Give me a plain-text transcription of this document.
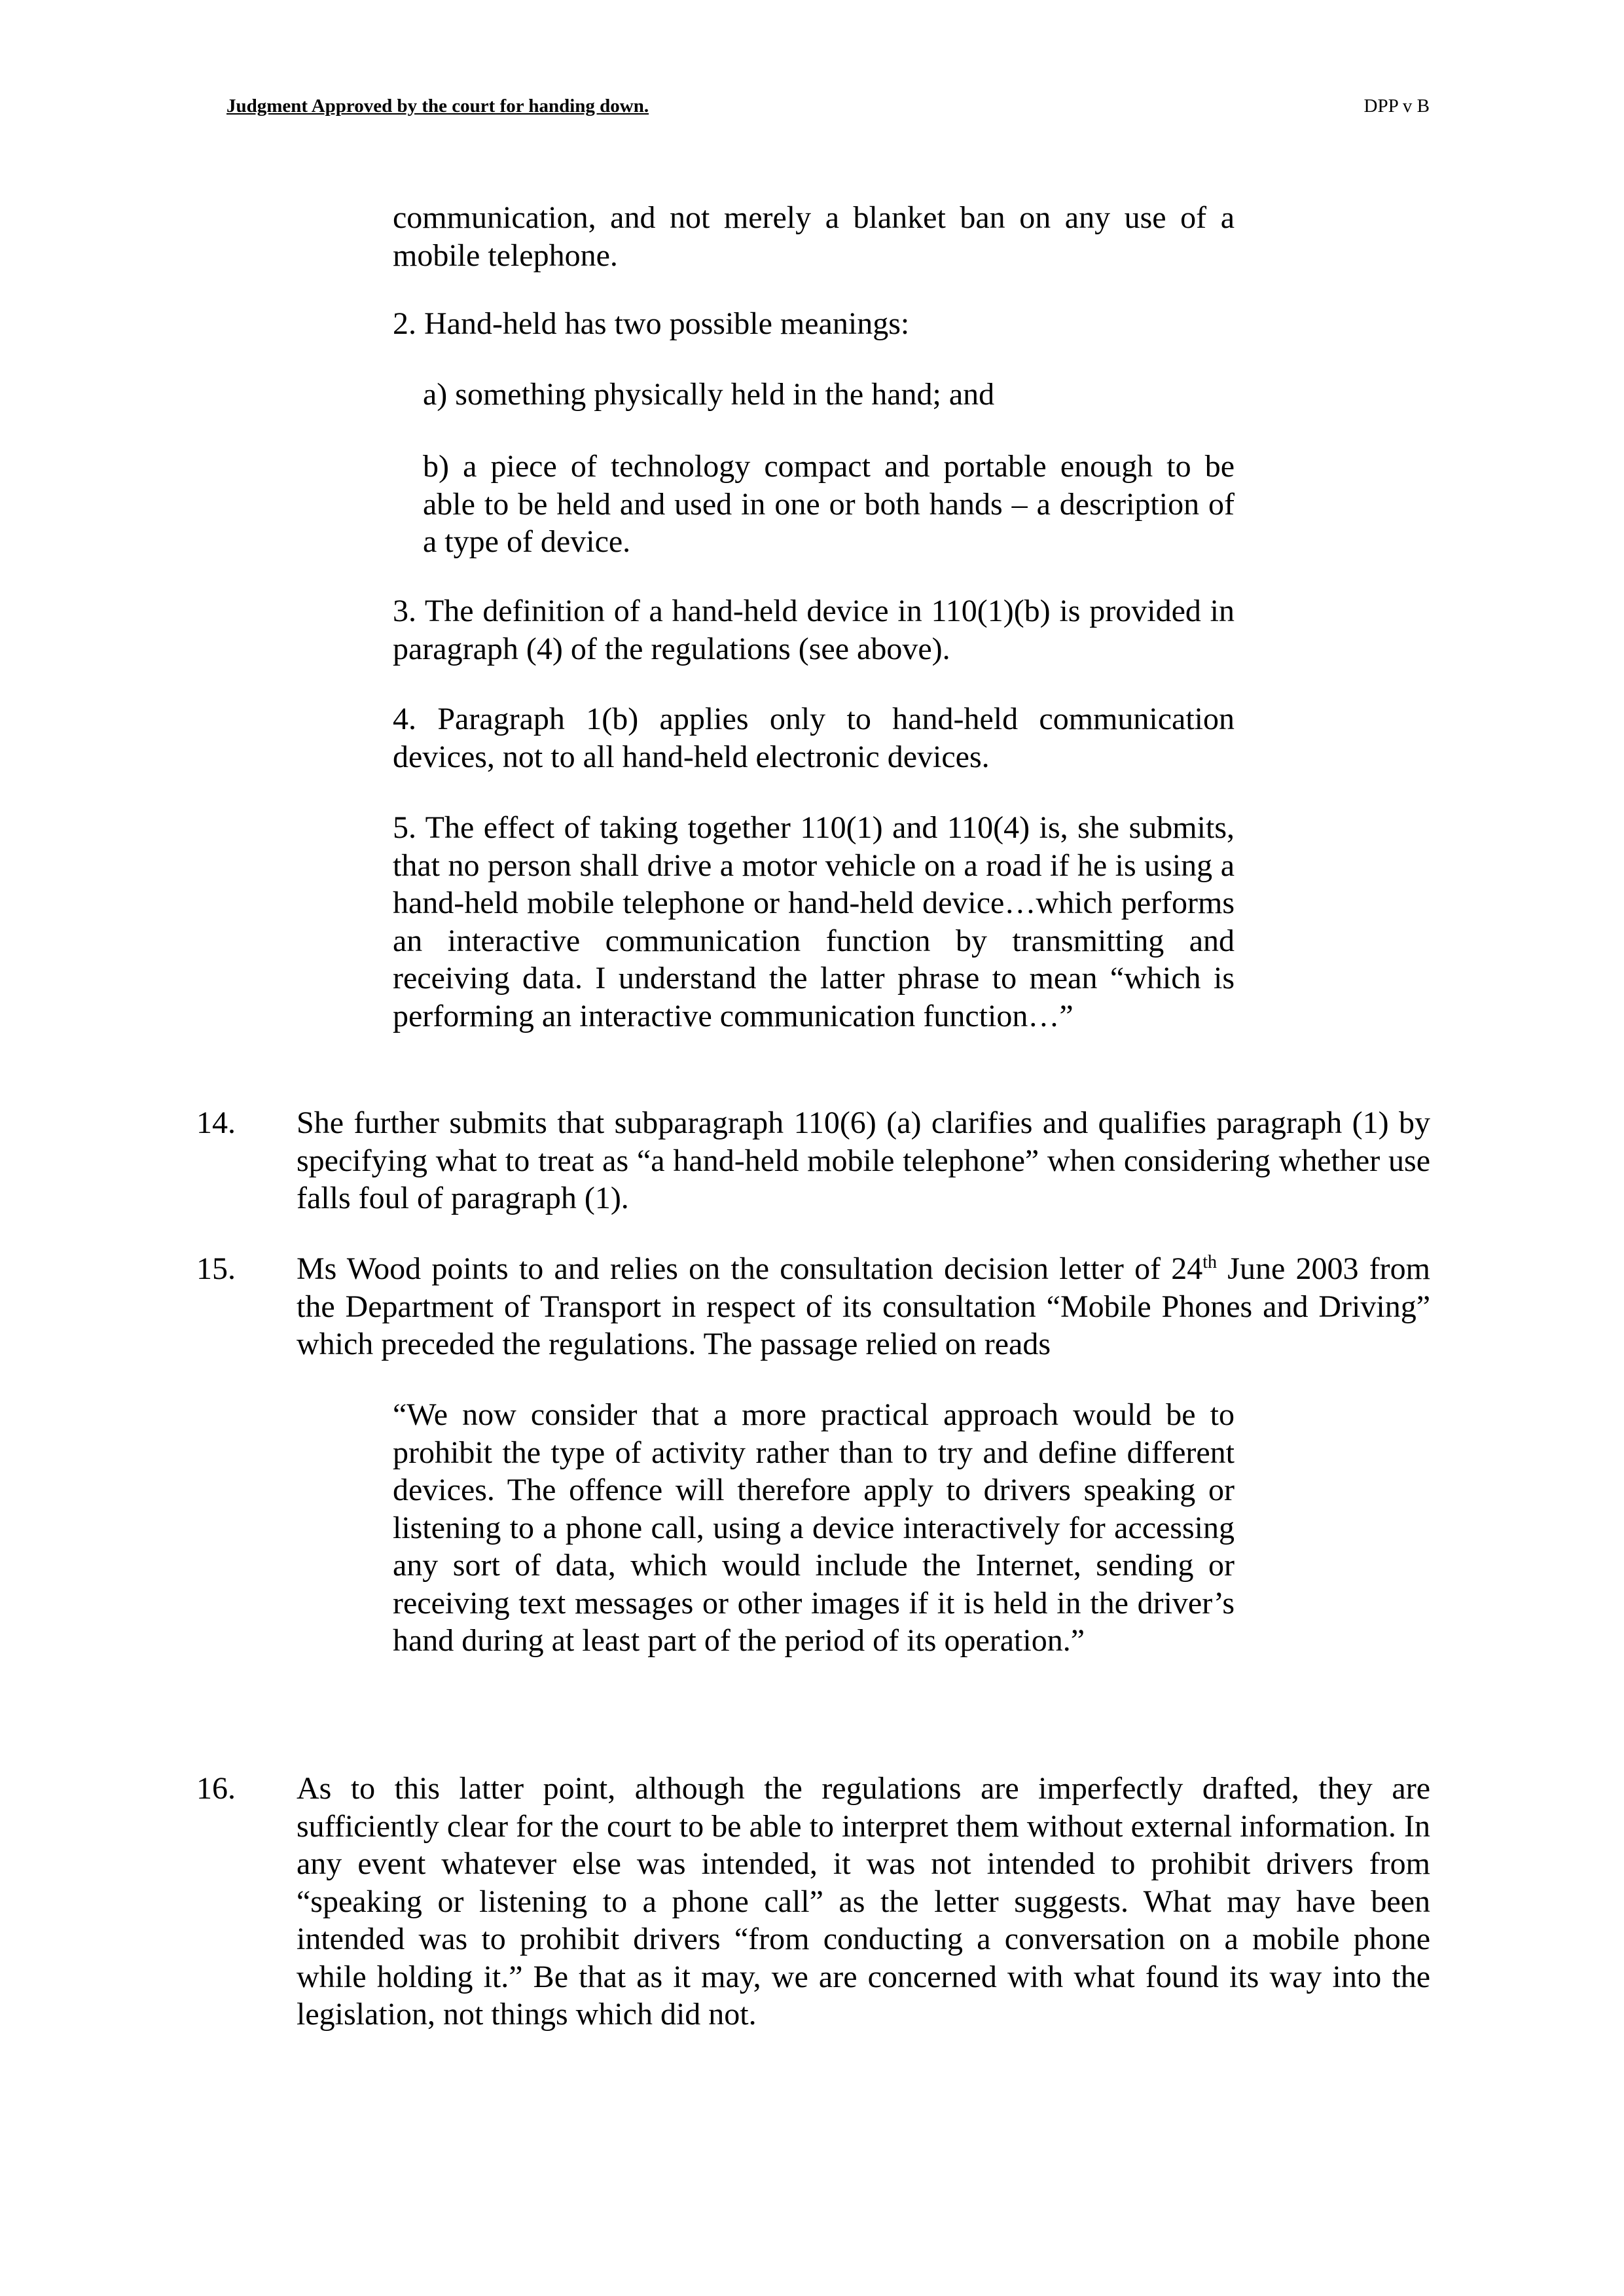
Judgment Approved by the court for handing down.	DPP v B

communication, and not merely a blanket ban on any use of a mobile telephone.

2. Hand-held has two possible meanings:

a) something physically held in the hand; and

b) a piece of technology compact and portable enough to be able to be held and used in one or both hands – a description of a type of device.

3. The definition of a hand-held device in 110(1)(b) is provided in paragraph (4) of the regulations (see above).

4. Paragraph 1(b) applies only to hand-held communication devices, not to all hand-held electronic devices.

5. The effect of taking together 110(1) and 110(4) is, she submits, that no person shall drive a motor vehicle on a road if he is using a hand-held mobile telephone or hand-held device…which performs an interactive communication function by transmitting and receiving data. I understand the latter phrase to mean “which is performing an interactive communication function…”

14.	She further submits that subparagraph 110(6) (a) clarifies and qualifies paragraph (1) by specifying what to treat as “a hand-held mobile telephone” when considering whether use falls foul of paragraph (1).

15.	Ms Wood points to and relies on the consultation decision letter of 24th June 2003 from the Department of Transport in respect of its consultation “Mobile Phones and Driving” which preceded the regulations. The passage relied on reads

“We now consider that a more practical approach would be to prohibit the type of activity rather than to try and define different devices. The offence will therefore apply to drivers speaking or listening to a phone call, using a device interactively for accessing any sort of data, which would include the Internet, sending or receiving text messages or other images if it is held in the driver’s hand during at least part of the period of its operation.”

16.	As to this latter point, although the regulations are imperfectly drafted, they are sufficiently clear for the court to be able to interpret them without external information. In any event whatever else was intended, it was not intended to prohibit drivers from “speaking or listening to a phone call” as the letter suggests. What may have been intended was to prohibit drivers “from conducting a conversation on a mobile phone while holding it.” Be that as it may, we are concerned with what found its way into the legislation, not things which did not.
